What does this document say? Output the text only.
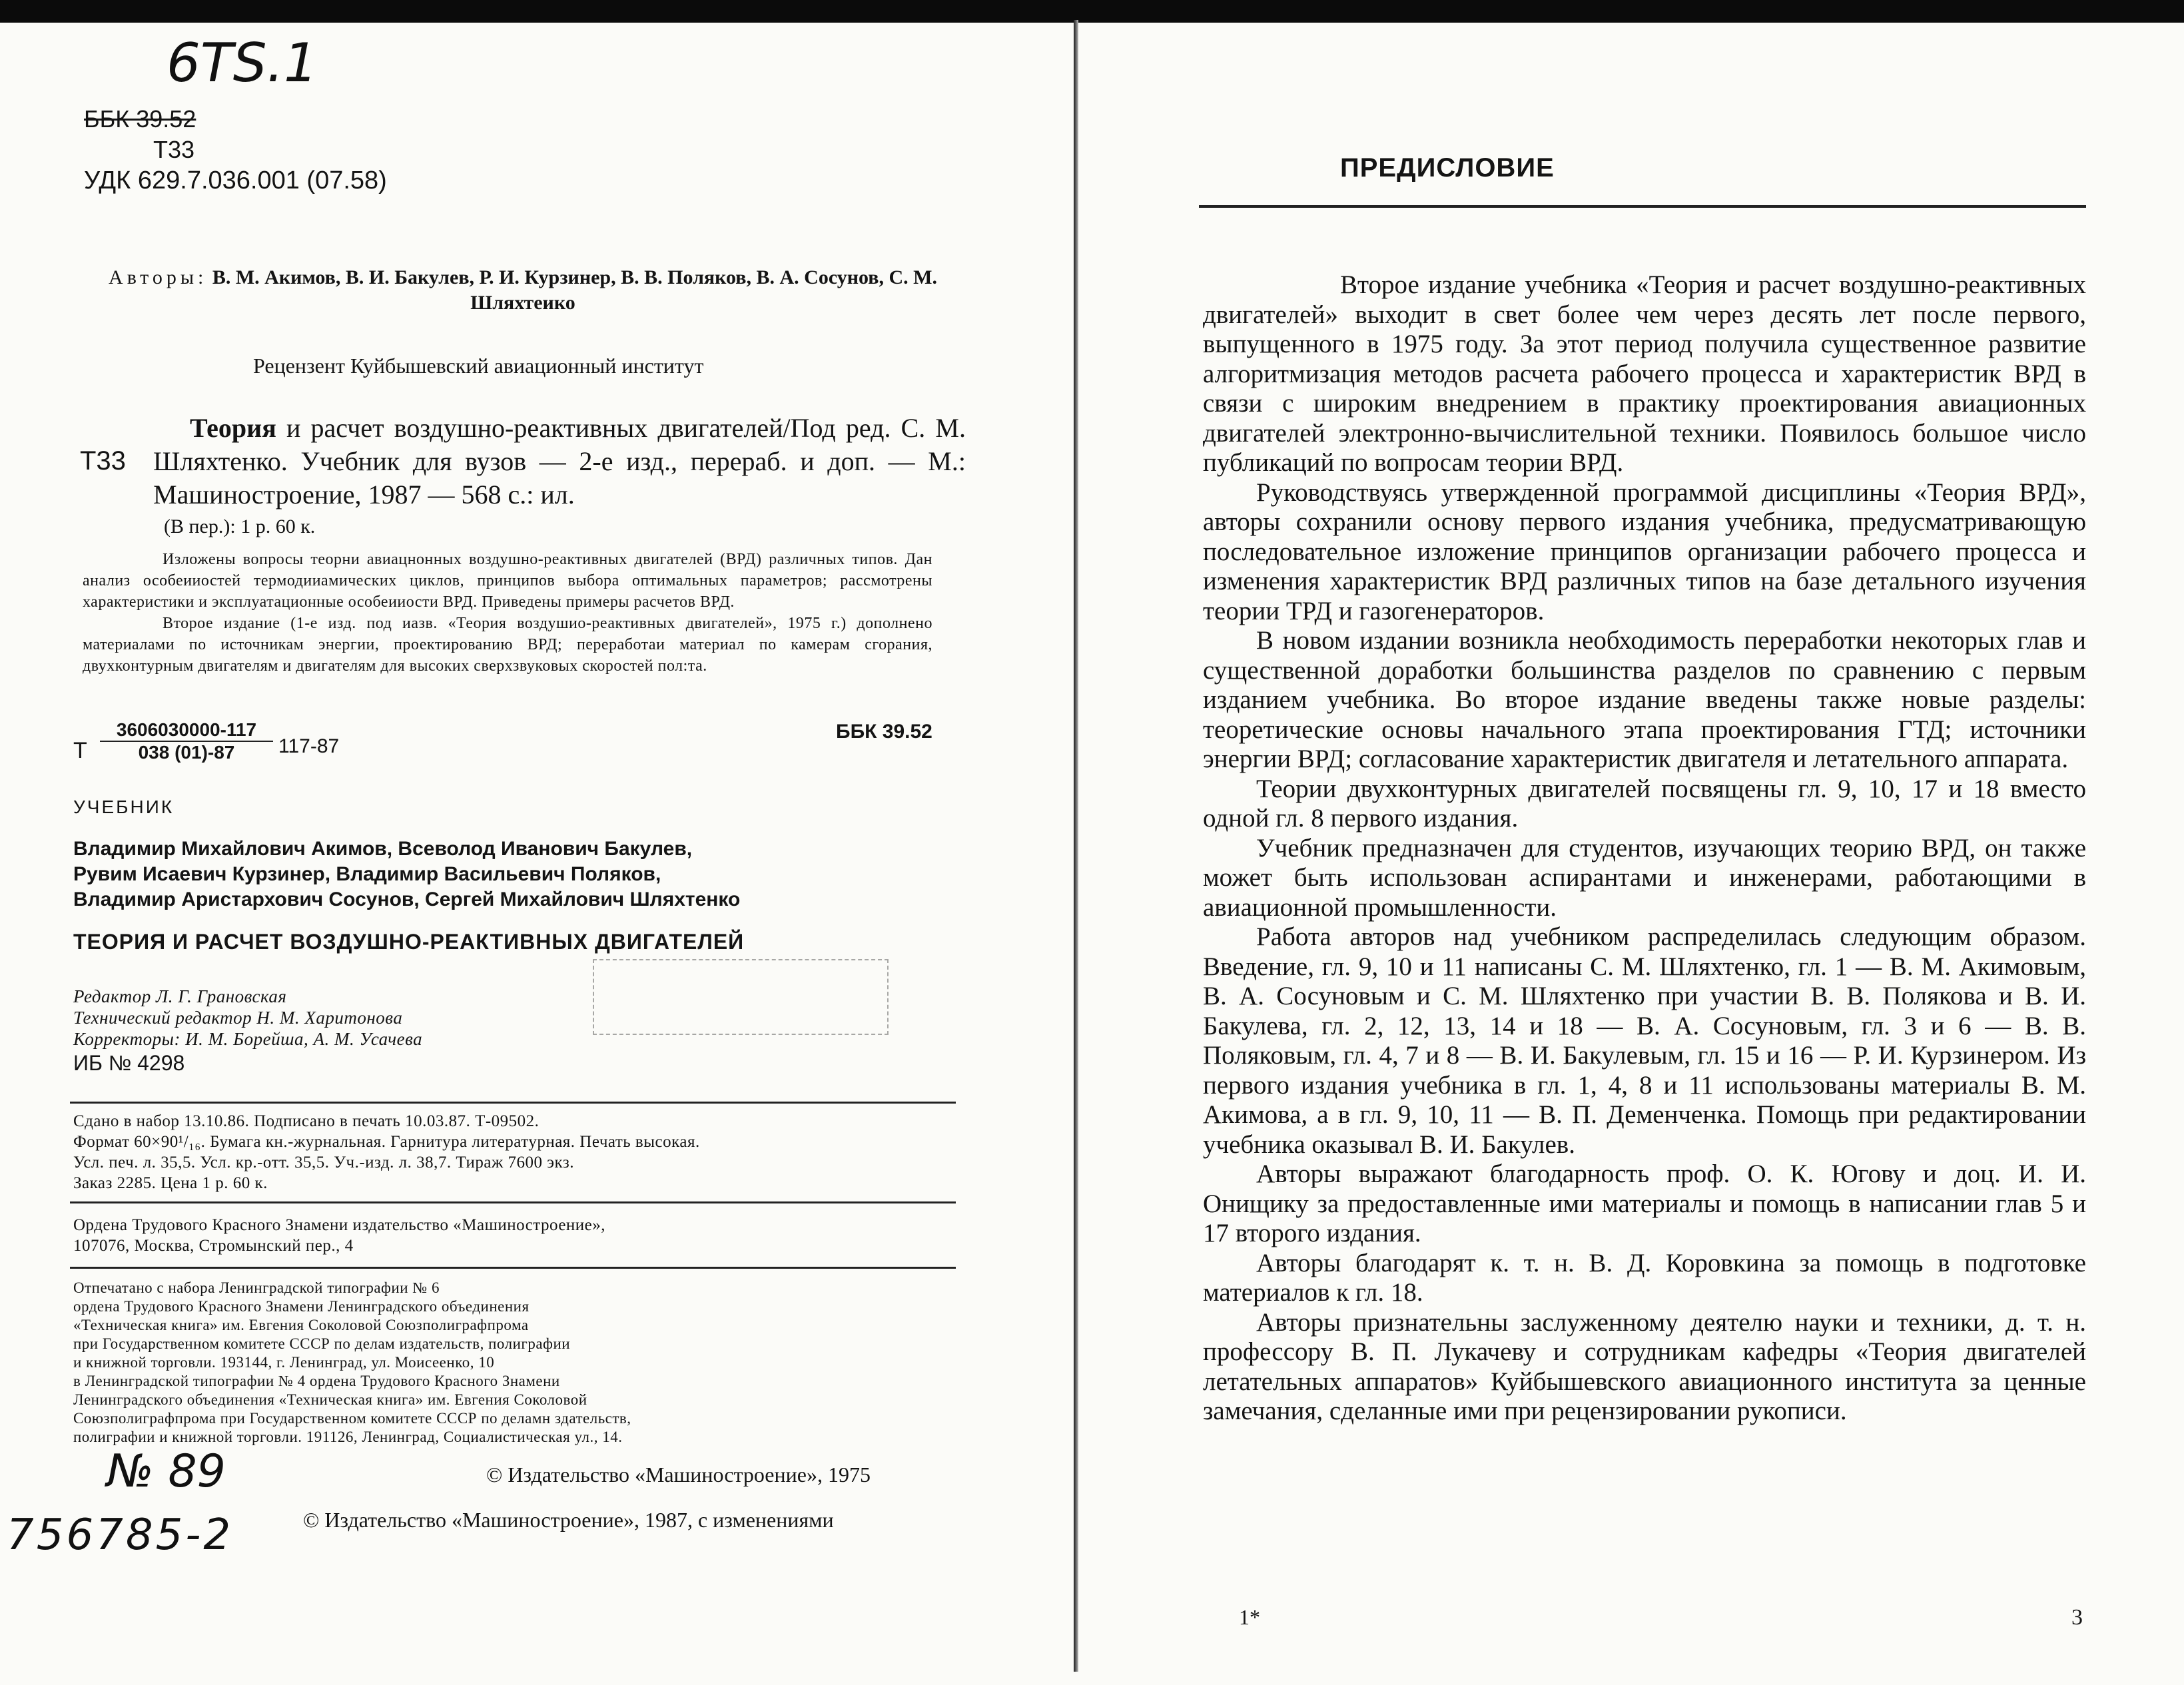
6TS.1
ББК 39.52
Т33
УДК 629.7.036.001 (07.58)
Авторы: В. М. Акимов, В. И. Бакулев, Р. И. Курзинер, В. В. Поляков, В. А. Сосунов, С. М. Шляхтеико
Рецензент Куйбышевский авиационный институт
Т33
Теория и расчет воздушно-реактивных двигателей/Под ред. С. М. Шляхтенко. Учебник для вузов — 2-е изд., перераб. и доп. — М.: Машиностроение, 1987 — 568 с.: ил.
(В пер.): 1 р. 60 к.

Изложены вопросы теорни авиацнонных воздушно-реактивных двигателей (ВРД) различных типов. Дан анализ особеииостей термодииамических циклов, принципов выбора оптимальных параметров; рассмотрены характеристики и эксплуатационные особеииости ВРД. Приведены примеры расчетов ВРД.

Второе издание (1-е изд. под иазв. «Теория воздушио-реактивных двигателей», 1975 г.) дополнено материалами по источникам энергии, проектированию ВРД; переработаи материал по камерам сгорания, двухконтурным двигателям и двигателям для высоких сверхзвуковых скоростей пол:та.

Т $\frac{3606030000-117}{038 (01)-87} 117-87$
ББК 39.52
УЧЕБНИК
Владимир Михайлович Акимов, Всеволод Иванович Бакулев,
Рувим Исаевич Курзинер, Владимир Васильевич Поляков,
Владимир Аристархович Сосунов, Сергей Михайлович Шляхтенко
ТЕОРИЯ И РАСЧЕТ ВОЗДУШНО-РЕАКТИВНЫХ ДВИГАТЕЛЕЙ
Редактор Л. Г. Грановская
Технический редактор Н. М. Харитонова
Корректоры: И. М. Борейша, А. М. Усачева
ИБ № 4298
Сдано в набор 13.10.86. Подписано в печать 10.03.87. Т-09502.
Формат 60×90¹/₁₆. Бумага кн.-журнальная. Гарнитура литературная. Печать высокая.
Усл. печ. л. 35,5. Усл. кр.-отт. 35,5. Уч.-изд. л. 38,7. Тираж 7600 экз.
Заказ 2285. Цена 1 р. 60 к.
Ордена Трудового Красного Знамени издательство «Машиностроение»,
107076, Москва, Стромынский пер., 4
Отпечатано с набора Ленинградской типографии № 6
ордена Трудового Красного Знамени Ленинградского объединения
«Техническая книга» им. Евгения Соколовой Союзполиграфпрома
при Государственном комитете СССР по делам издательств, полиграфии
и книжной торговли. 193144, г. Ленинград, ул. Моисеенко, 10
в Ленинградской типографии № 4 ордена Трудового Красного Знамени
Ленинградского объединения «Техническая книга» им. Евгения Соколовой
Союзполиграфпрома при Государственном комитете СССР по деламн здательств,
полиграфии и книжной торговли. 191126, Ленинград, Социалистическая ул., 14.
© Издательство «Машиностроение», 1975
© Издательство «Машиностроение», 1987, с изменениями
№ 89
756785-2
ПРЕДИСЛОВИЕ

Второе издание учебника «Теория и расчет воздушно-реактивных двигателей» выходит в свет более чем через десять лет после первого, выпущенного в 1975 году. За этот период получила существенное развитие алгоритмизация методов расчета рабочего процесса и характеристик ВРД в связи с широким внедрением в практику проектирования авиационных двигателей электронно-вычислительной техники. Появилось большое число публикаций по вопросам теории ВРД.

Руководствуясь утвержденной программой дисциплины «Теория ВРД», авторы сохранили основу первого издания учебника, предусматривающую последовательное изложение принципов организации рабочего процесса и изменения характеристик ВРД различных типов на базе детального изучения теории ТРД и газогенераторов.

В новом издании возникла необходимость переработки некоторых глав и существенной доработки большинства разделов по сравнению с первым изданием учебника. Во второе издание введены также новые разделы: теоретические основы начального этапа проектирования ГТД; источники энергии ВРД; согласование характеристик двигателя и летательного аппарата.

Теории двухконтурных двигателей посвящены гл. 9, 10, 17 и 18 вместо одной гл. 8 первого издания.

Учебник предназначен для студентов, изучающих теорию ВРД, он также может быть использован аспирантами и инженерами, работающими в авиационной промышленности.

Работа авторов над учебником распределилась следующим образом. Введение, гл. 9, 10 и 11 написаны С. М. Шляхтенко, гл. 1 — В. М. Акимовым, В. А. Сосуновым и С. М. Шляхтенко при участии В. В. Полякова и В. И. Бакулева, гл. 2, 12, 13, 14 и 18 — В. А. Сосуновым, гл. 3 и 6 — В. В. Поляковым, гл. 4, 7 и 8 — В. И. Бакулевым, гл. 15 и 16 — Р. И. Курзинером. Из первого издания учебника в гл. 1, 4, 8 и 11 использованы материалы В. М. Акимова, а в гл. 9, 10, 11 — В. П. Деменченка. Помощь при редактировании учебника оказывал В. И. Бакулев.

Авторы выражают благодарность проф. О. К. Югову и доц. И. И. Онищику за предоставленные ими материалы и помощь в написании глав 5 и 17 второго издания.

Авторы благодарят к. т. н. В. Д. Коровкина за помощь в подготовке материалов к гл. 18.

Авторы признательны заслуженному деятелю науки и техники, д. т. н. профессору В. П. Лукачеву и сотрудникам кафедры «Теория двигателей летательных аппаратов» Куйбышевского авиационного института за ценные замечания, сделанные ими при рецензировании рукописи.

1*	3
